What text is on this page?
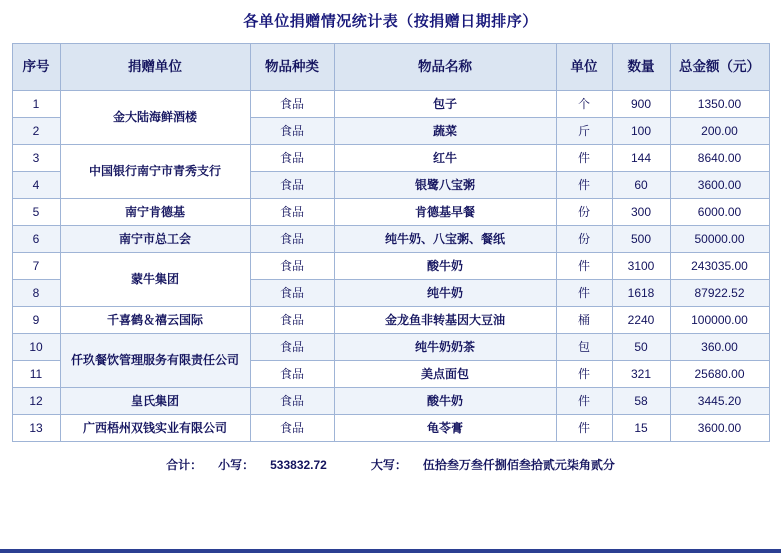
各单位捐赠情况统计表（按捐赠日期排序）
序号	捐赠单位	物品种类	物品名称	单位	数量	总金额（元）
1	金大陆海鲜酒楼	食品	包子	个	900	1350.00
2		食品	蔬菜	斤	100	200.00
3	中国银行南宁市青秀支行	食品	红牛	件	144	8640.00
4		食品	银鹭八宝粥	件	60	3600.00
5	南宁肯德基	食品	肯德基早餐	份	300	6000.00
6	南宁市总工会	食品	纯牛奶、八宝粥、餐纸	份	500	50000.00
7	蒙牛集团	食品	酸牛奶	件	3100	243035.00
8		食品	纯牛奶	件	1618	87922.52
9	千喜鹤＆禧云国际	食品	金龙鱼非转基因大豆油	桶	2240	100000.00
10	仟玖餐饮管理服务有限责任公司	食品	纯牛奶奶茶	包	50	360.00
11		食品	美点面包	件	321	25680.00
12	皇氏集团	食品	酸牛奶	件	58	3445.20
13	广西梧州双钱实业有限公司	食品	龟苓膏	件	15	3600.00
合计： 小写： 533832.72	大写： 伍拾叁万叁仟捌佰叁拾贰元柒角贰分
